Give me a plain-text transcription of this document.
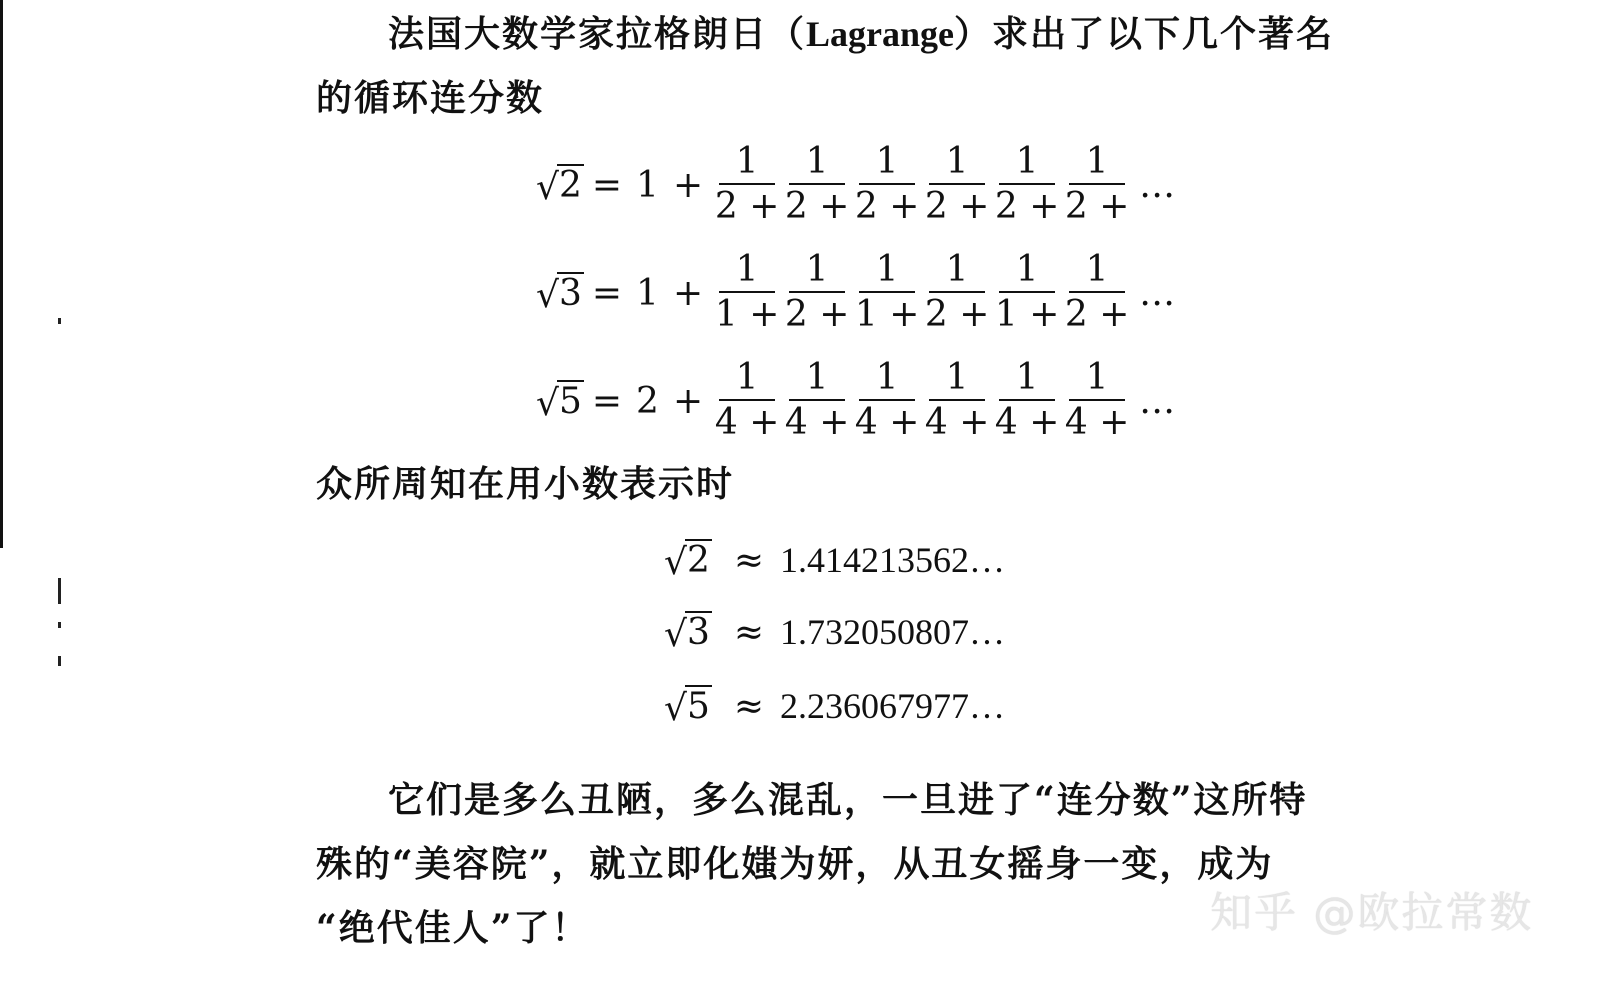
法国大数学家拉格朗日（Lagrange）求出了以下几个著名
的循环连分数
√ $2 = 1 + \frac{1}{2 +} \frac{1}{2 +} \frac{1}{2 +} \frac{1}{2 +} \frac{1}{2 +} \frac{1}{2 +}$ …
√ $3 = 1 + \frac{1}{1 +} \frac{1}{2 +} \frac{1}{1 +} \frac{1}{2 +} \frac{1}{1 +} \frac{1}{2 +}$ …
√ $5 = 2 + \frac{1}{4 +} \frac{1}{4 +} \frac{1}{4 +} \frac{1}{4 +} \frac{1}{4 +} \frac{1}{4 +}$ …
众所周知在用小数表示时
√ 2 ≈ 1.414213562…
√ 3 ≈ 1.732050807…
√ 5 ≈ 2.236067977…
它们是多么丑陋，多么混乱，一旦进了“连分数”这所特
殊的“美容院”，就立即化媸为妍，从丑女摇身一变，成为
“绝代佳人”了！	知乎 @欧拉常数
